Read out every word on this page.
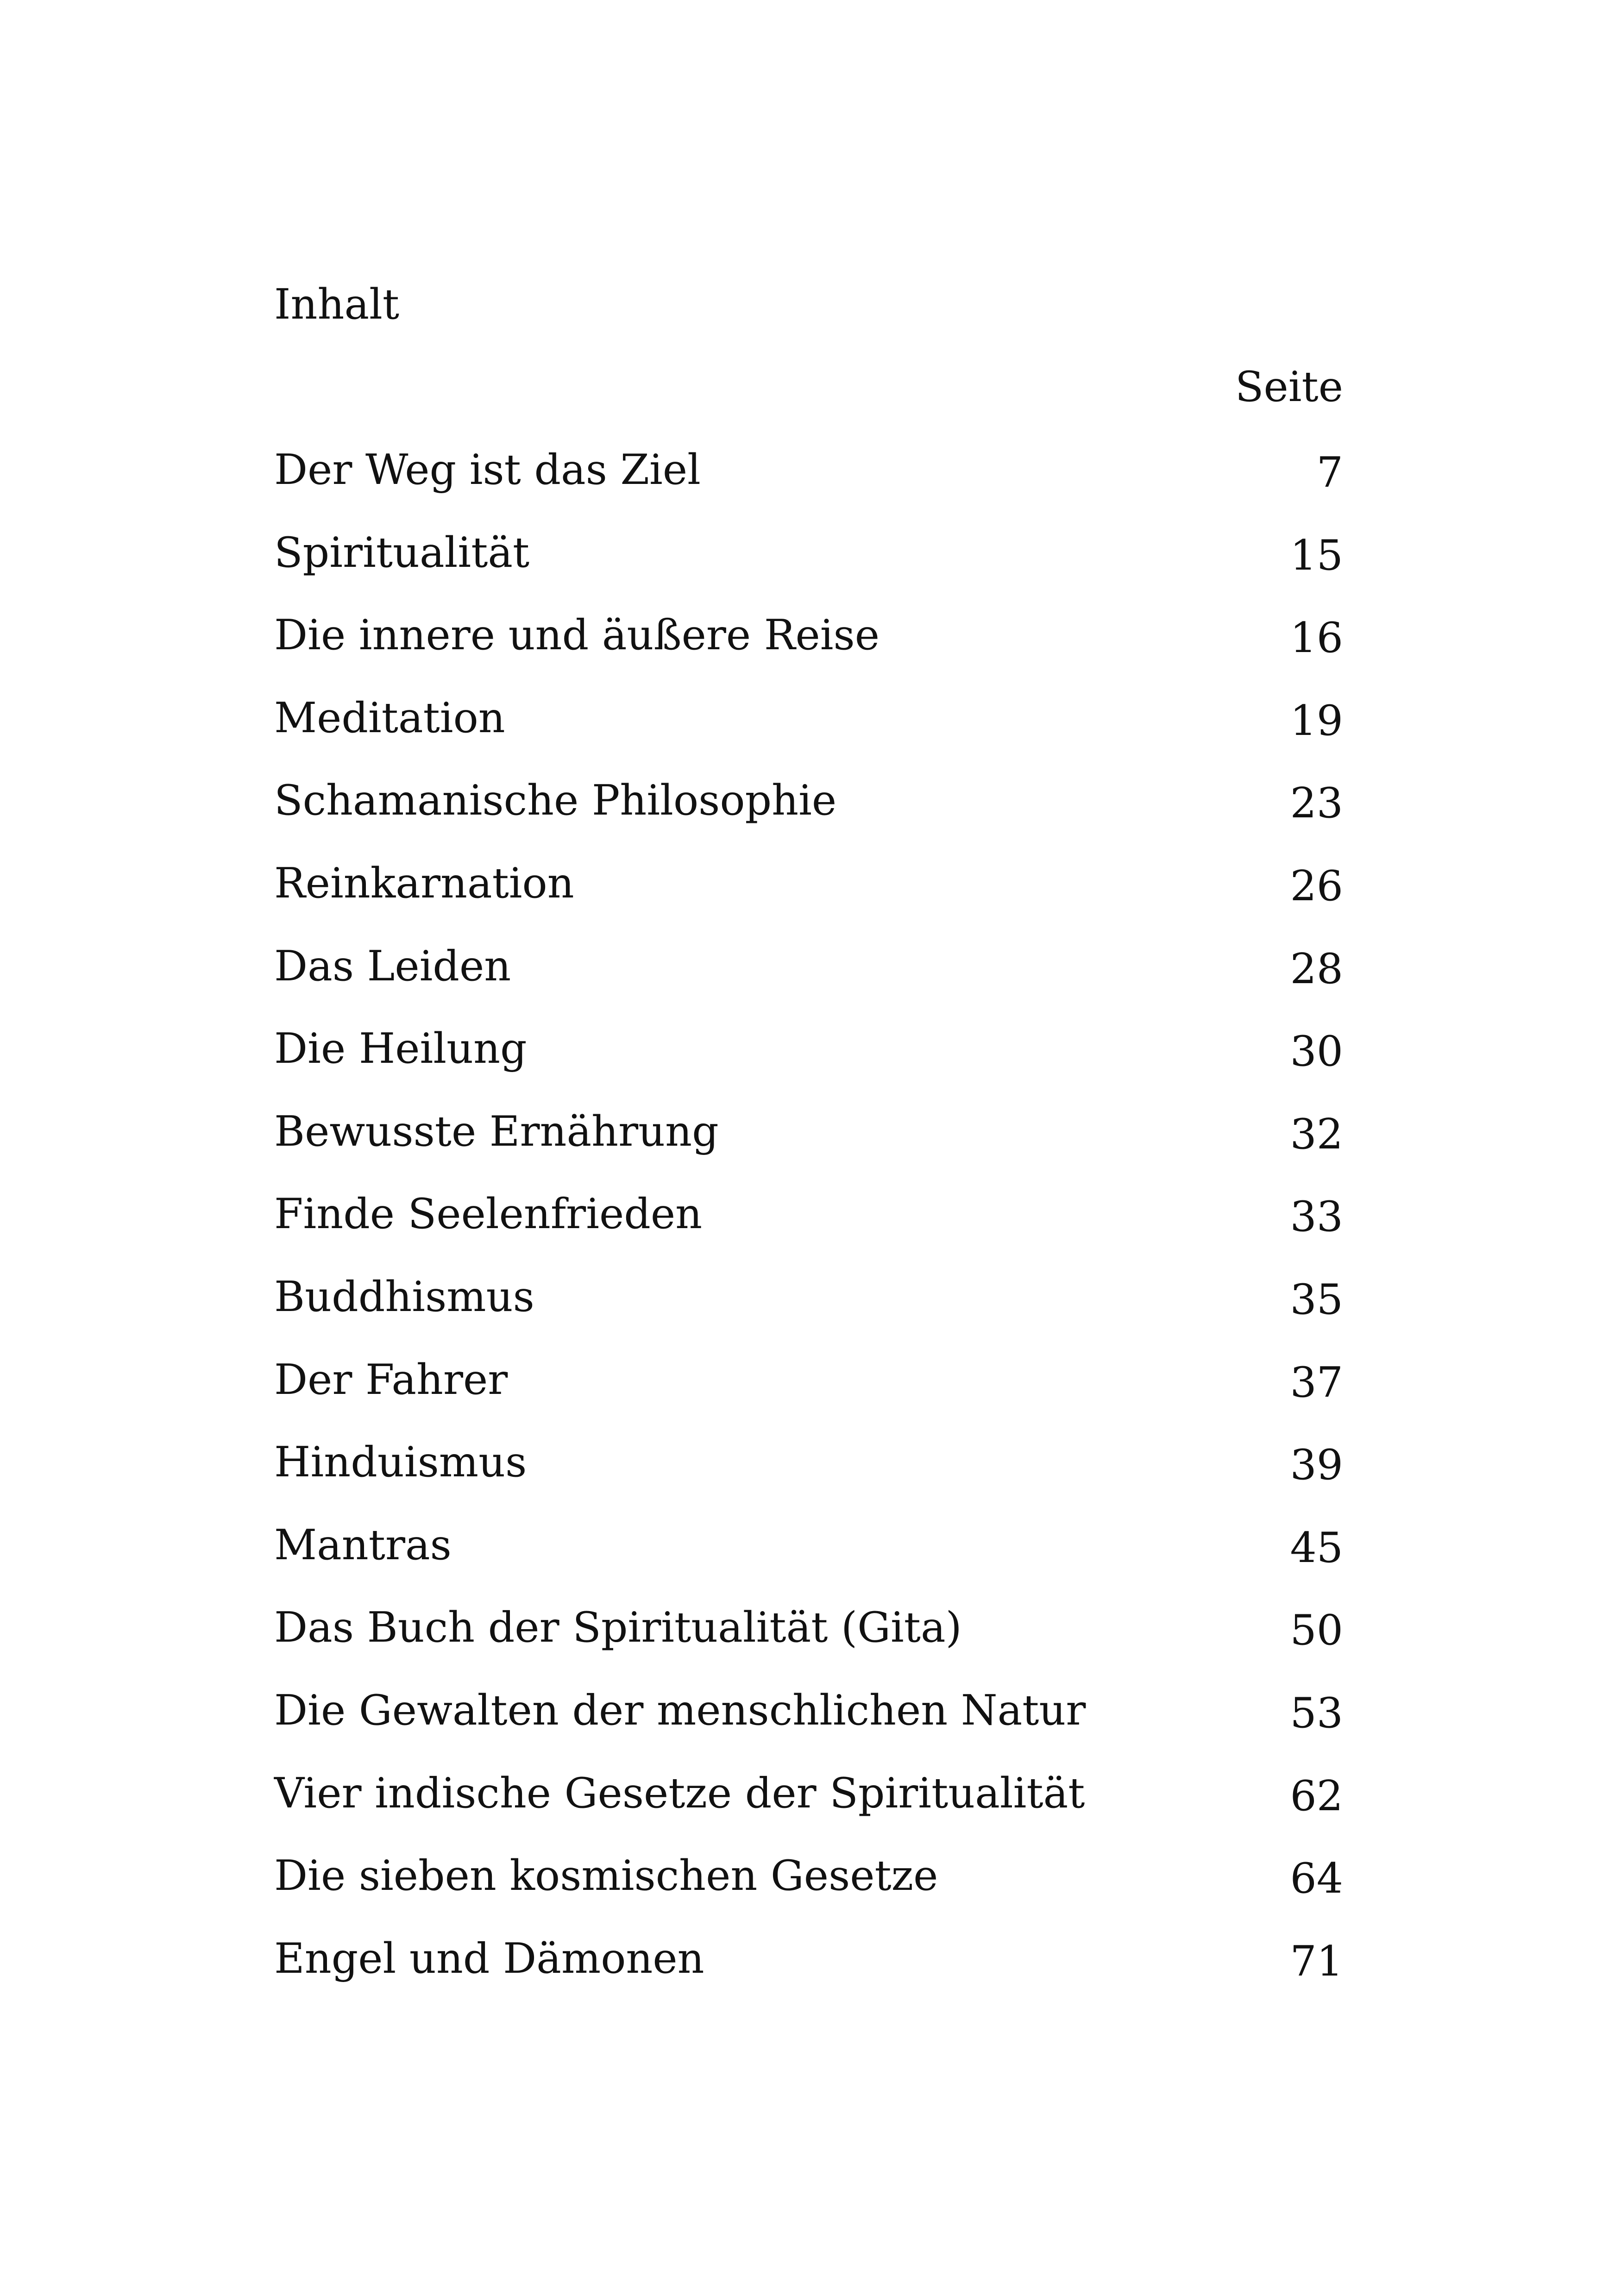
Inhalt
Seite
Der Weg ist das Ziel	7
Spiritualität	15
Die innere und äußere Reise	16
Meditation	19
Schamanische Philosophie	23
Reinkarnation	26
Das Leiden	28
Die Heilung	30
Bewusste Ernährung	32
Finde Seelenfrieden	33
Buddhismus	35
Der Fahrer	37
Hinduismus	39
Mantras	45
Das Buch der Spiritualität (Gita)	50
Die Gewalten der menschlichen Natur	53
Vier indische Gesetze der Spiritualität	62
Die sieben kosmischen Gesetze	64
Engel und Dämonen	71
